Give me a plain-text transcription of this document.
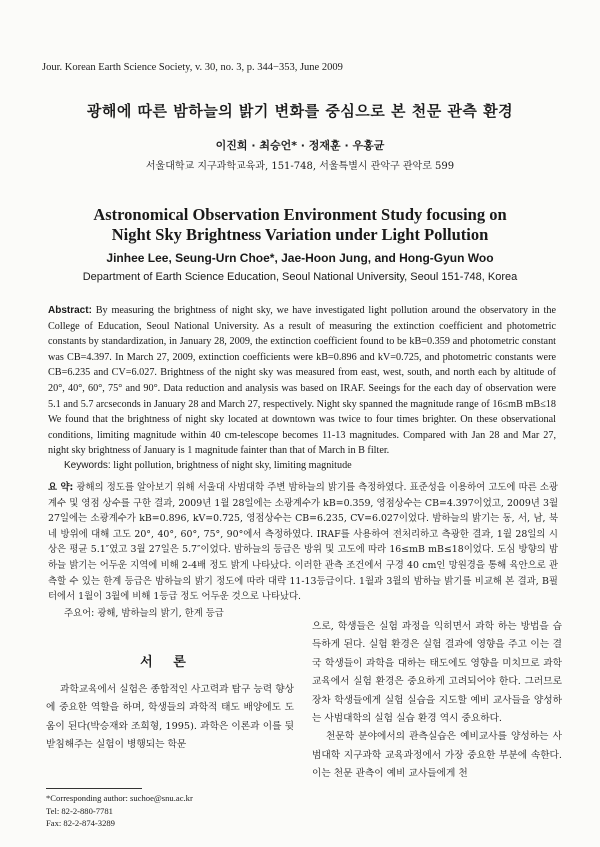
Jour. Korean Earth Science Society, v. 30, no. 3, p. 344−353, June 2009
광해에 따른 밤하늘의 밝기 변화를 중심으로 본 천문 관측 환경
이진희 · 최승언* · 정재훈 · 우홍균
서울대학교 지구과학교육과, 151-748, 서울특별시 관악구 관악로 599
Astronomical Observation Environment Study focusing on
Night Sky Brightness Variation under Light Pollution
Jinhee Lee, Seung-Urn Choe*, Jae-Hoon Jung, and Hong-Gyun Woo
Department of Earth Science Education, Seoul National University, Seoul 151-748, Korea
Abstract: By measuring the brightness of night sky, we have investigated light pollution around the observatory in the College of Education, Seoul National University. As a result of measuring the extinction coefficient and photometric constants by standardization, in January 28, 2009, the extinction coefficient found to be kB=0.359 and photometric constant was CB=4.397. In March 27, 2009, extinction coefficients were kB=0.896 and kV=0.725, and photometric constants were CB=6.235 and CV=6.027. Brightness of the night sky was measured from east, west, south, and north each by altitude of 20°, 40°, 60°, 75° and 90°. Data reduction and analysis was based on IRAF. Seeings for the each day of observation were 5.1 and 5.7 arcseconds in January 28 and March 27, respectively. Night sky spanned the magnitude range of 16≤mB mB≤18 We found that the brightness of night sky located at downtown was twice to four times brighter. On these observational conditions, limiting magnitude within 40 cm-telescope becomes 11-13 magnitudes. Compared with Jan 28 and Mar 27, night sky brightness of January is 1 magnitude fainter than that of March in B filter.
Keywords: light pollution, brightness of night sky, limiting magnitude
요 약: 광해의 정도를 알아보기 위해 서울대 사범대학 주변 밤하늘의 밝기를 측정하였다. 표준성을 이용하여 고도에 따른 소광 계수 및 영점 상수를 구한 결과, 2009년 1월 28일에는 소광계수가 kB=0.359, 영점상수는 CB=4.397이었고, 2009년 3월 27일에는 소광계수가 kB=0.896, kV=0.725, 영점상수는 CB=6.235, CV=6.027이었다. 밤하늘의 밝기는 동, 서, 남, 북 네 방위에 대해 고도 20°, 40°, 60°, 75°, 90°에서 측정하였다. IRAF를 사용하여 전처리하고 측광한 결과, 1월 28일의 시상은 평균 5.1″였고 3월 27일은 5.7″이었다. 밤하늘의 등급은 방위 및 고도에 따라 16≤mB mB≤18이었다. 도심 방향의 밤하늘 밝기는 어두운 지역에 비해 2-4배 정도 밝게 나타났다. 이러한 관측 조건에서 구경 40 cm인 망원경을 통해 육안으로 관측할 수 있는 한계 등급은 밤하늘의 밝기 정도에 따라 대략 11-13등급이다. 1월과 3월의 밤하늘 밝기를 비교해 본 결과, B필터에서 1월이 3월에 비해 1등급 정도 어두운 것으로 나타났다.
주요어: 광해, 밤하늘의 밝기, 한계 등급
서 론
과학교육에서 실험은 종합적인 사고력과 탐구 능력 향상에 중요한 역할을 하며, 학생들의 과학적 태도 배양에도 도움이 된다(박승재와 조희형, 1995). 과학은 이론과 이를 뒷받침해주는 실험이 병행되는 학문

으로, 학생들은 실험 과정을 익히면서 과학 하는 방법을 습득하게 된다. 실험 환경은 실험 결과에 영향을 주고 이는 결국 학생들이 과학을 대하는 태도에도 영향을 미치므로 과학교육에서 실험 환경은 중요하게 고려되어야 한다. 그러므로 장차 학생들에게 실험 실습을 지도할 예비 교사들을 양성하는 사범대학의 실험 실습 환경 역시 중요하다.

천문학 분야에서의 관측실습은 예비교사를 양성하는 사범대학 지구과학 교육과정에서 가장 중요한 부분에 속한다. 이는 천문 관측이 예비 교사들에게 천

*Corresponding author: suchoe@snu.ac.kr
Tel: 82-2-880-7781
Fax: 82-2-874-3289
